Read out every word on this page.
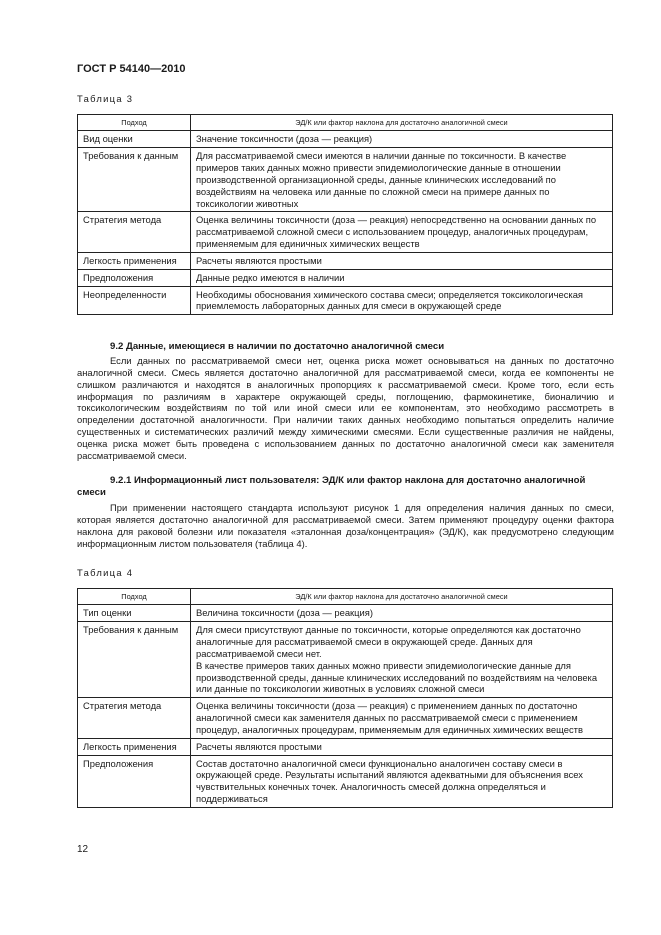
ГОСТ Р 54140—2010
Таблица 3
Подход	ЭД/К или фактор наклона для достаточно аналогичной смеси
Вид оценки	Значение токсичности (доза — реакция)
Требования к данным	Для рассматриваемой смеси имеются в наличии данные по токсичности. В качестве примеров таких данных можно привести эпидемиологические данные в отношении производственной организационной среды, данные клинических исследований по воздействиям на человека или данные по сложной смеси на примере данных по токсикологии животных
Стратегия метода	Оценка величины токсичности (доза — реакция) непосредственно на основании данных по рассматриваемой сложной смеси с использованием процедур, аналогичных процедурам, применяемым для единичных химических веществ
Легкость применения	Расчеты являются простыми
Предположения	Данные редко имеются в наличии
Неопределенности	Необходимы обоснования химического состава смеси; определяется токсикологическая приемлемость лабораторных данных для смеси в окружающей среде
9.2 Данные, имеющиеся в наличии по достаточно аналогичной смеси

Если данных по рассматриваемой смеси нет, оценка риска может основываться на данных по достаточно аналогичной смеси. Смесь является достаточно аналогичной для рассматриваемой смеси, когда ее компоненты не слишком различаются и находятся в аналогичных пропорциях к рассматриваемой смеси. Кроме того, если есть информация по различиям в характере окружающей среды, поглощению, фармокинетике, бионаличию и токсикологическим воздействиям по той или иной смеси или ее компонентам, это необходимо рассмотреть в определении достаточной аналогичности. При наличии таких данных необходимо попытаться определить наличие существенных и систематических различий между химическими смесями. Если существенные различия не найдены, оценка риска может быть проведена с использованием данных по достаточно аналогичной смеси как заменителя рассматриваемой смеси.

9.2.1 Информационный лист пользователя: ЭД/К или фактор наклона для достаточно аналогичной смеси

При применении настоящего стандарта используют рисунок 1 для определения наличия данных по смеси, которая является достаточно аналогичной для рассматриваемой смеси. Затем применяют процедуру оценки фактора наклона для раковой болезни или показателя «эталонная доза/концентрация» (ЭД/К), как предусмотрено следующим информационным листом пользователя (таблица 4).

Таблица 4
Подход	ЭД/К или фактор наклона для достаточно аналогичной смеси
Тип оценки	Величина токсичности (доза — реакция)
Требования к данным	Для смеси присутствуют данные по токсичности, которые определяются как достаточно аналогичные для рассматриваемой смеси в окружающей среде. Данных для рассматриваемой смеси нет.
В качестве примеров таких данных можно привести эпидемиологические данные для производственной среды, данные клинических исследований по воздействиям на человека или данные по токсикологии животных в условиях сложной смеси

Стратегия метода	Оценка величины токсичности (доза — реакция) с применением данных по достаточно аналогичной смеси как заменителя данных по рассматриваемой смеси с применением процедур, аналогичных процедурам, применяемым для единичных химических веществ
Легкость применения	Расчеты являются простыми
Предположения	Состав достаточно аналогичной смеси функционально аналогичен составу смеси в окружающей среде. Результаты испытаний являются адекватными для объяснения всех чувствительных конечных точек. Аналогичность смесей должна определяться и поддерживаться
12
